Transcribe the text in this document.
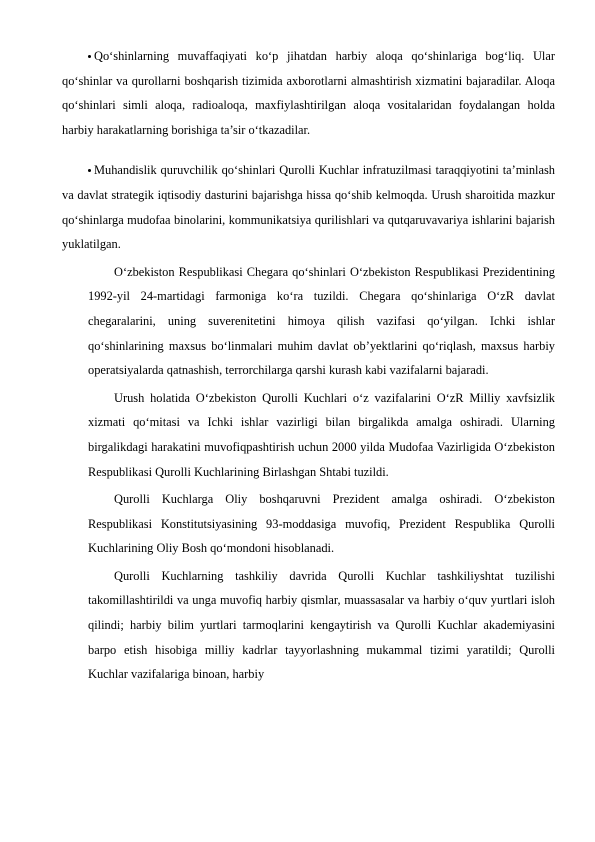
Qo‘shinlarning muvaffaqiyati ko‘p jihatdan harbiy aloqa qo‘shinlariga bog‘liq. Ular qo‘shinlar va qurollarni boshqarish tizimida axborotlarni almashtirish xizmatini bajaradilar. Aloqa qo‘shinlari simli aloqa, radioaloqa, maxfiylashtirilgan aloqa vositalaridan foydalangan holda harbiy harakatlarning borishiga ta’sir o‘tkazadilar.

Muhandislik quruvchilik qo‘shinlari Qurolli Kuchlar infratuzilmasi taraqqiyotini ta’minlash va davlat strategik iqtisodiy dasturini bajarishga hissa qo‘shib kelmoqda. Urush sharoitida mazkur qo‘shinlarga mudofaa binolarini, kommunikatsiya qurilishlari va qutqaruvavariya ishlarini bajarish yuklatilgan.

O‘zbekiston Respublikasi Chegara qo‘shinlari O‘zbekiston Respublikasi Prezidentining 1992-yil 24-martidagi farmoniga ko‘ra tuzildi. Chegara qo‘shinlariga O‘zR davlat chegaralarini, uning suverenitetini himoya qilish vazifasi qo‘yilgan. Ichki ishlar qo‘shinlarining maxsus bo‘linmalari muhim davlat ob’yektlarini qo‘riqlash, maxsus harbiy operatsiyalarda qatnashish, terrorchilarga qarshi kurash kabi vazifalarni bajaradi.

Urush holatida O‘zbekiston Qurolli Kuchlari o‘z vazifalarini O‘zR Milliy xavfsizlik xizmati qo‘mitasi va Ichki ishlar vazirligi bilan birgalikda amalga oshiradi. Ularning birgalikdagi harakatini muvofiqpashtirish uchun 2000 yilda Mudofaa Vazirligida O‘zbekiston Respublikasi Qurolli Kuchlarining Birlashgan Shtabi tuzildi.

Qurolli Kuchlarga Oliy boshqaruvni Prezident amalga oshiradi. O‘zbekiston Respublikasi Konstitutsiyasining 93-moddasiga muvofiq, Prezident Respublika Qurolli Kuchlarining Oliy Bosh qo‘mondoni hisoblanadi.

Qurolli Kuchlarning tashkiliy davrida Qurolli Kuchlar tashkiliyshtat tuzilishi takomillashtirildi va unga muvofiq harbiy qismlar, muassasalar va harbiy o‘quv yurtlari isloh qilindi; harbiy bilim yurtlari tarmoqlarini kengaytirish va Qurolli Kuchlar akademiyasini barpo etish hisobiga milliy kadrlar tayyorlashning mukammal tizimi yaratildi; Qurolli Kuchlar vazifalariga binoan, harbiy
